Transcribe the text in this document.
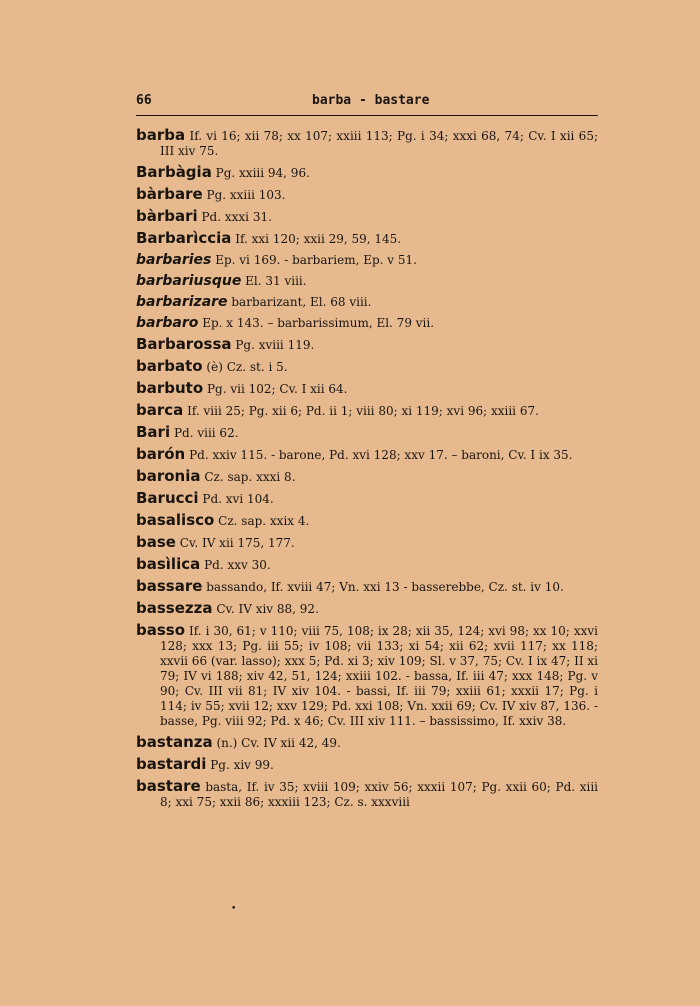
66	barba - bastare
barba If. vi 16; xii 78; xx 107; xxiii 113; Pg. i 34; xxxi 68, 74; Cv. I xii 65; III xiv 75.
Barbàgia Pg. xxiii 94, 96.
bàrbare Pg. xxiii 103.
bàrbari Pd. xxxi 31.
Barbarìccia If. xxi 120; xxii 29, 59, 145.
barbaries Ep. vi 169. - barbariem, Ep. v 51.
barbariusque El. 31 viii.
barbarizare barbarizant, El. 68 viii.
barbaro Ep. x 143. – barbarissimum, El. 79 vii.
Barbarossa Pg. xviii 119.
barbato (è) Cz. st. i 5.
barbuto Pg. vii 102; Cv. I xii 64.
barca If. viii 25; Pg. xii 6; Pd. ii 1; viii 80; xi 119; xvi 96; xxiii 67.
Bari Pd. viii 62.
barón Pd. xxiv 115. - barone, Pd. xvi 128; xxv 17. – baroni, Cv. I ix 35.
baronia Cz. sap. xxxi 8.
Barucci Pd. xvi 104.
basalisco Cz. sap. xxix 4.
base Cv. IV xii 175, 177.
basìlica Pd. xxv 30.
bassare bassando, If. xviii 47; Vn. xxi 13 - basserebbe, Cz. st. iv 10.
bassezza Cv. IV xiv 88, 92.
basso If. i 30, 61; v 110; viii 75, 108; ix 28; xii 35, 124; xvi 98; xx 10; xxvi 128; xxx 13; Pg. iii 55; iv 108; vii 133; xi 54; xii 62; xvii 117; xx 118; xxvii 66 (var. lasso); xxx 5; Pd. xi 3; xiv 109; Sl. v 37, 75; Cv. I ix 47; II xi 79; IV vi 188; xiv 42, 51, 124; xxiii 102. - bassa, If. iii 47; xxx 148; Pg. v 90; Cv. III vii 81; IV xiv 104. - bassi, If. iii 79; xxiii 61; xxxii 17; Pg. i 114; iv 55; xvii 12; xxv 129; Pd. xxi 108; Vn. xxii 69; Cv. IV xiv 87, 136. - basse, Pg. viii 92; Pd. x 46; Cv. III xiv 111. – bassissimo, If. xxiv 38.
bastanza (n.) Cv. IV xii 42, 49.
bastardi Pg. xiv 99.
bastare basta, If. iv 35; xviii 109; xxiv 56; xxxii 107; Pg. xxii 60; Pd. xiii 8; xxi 75; xxii 86; xxxiii 123; Cz. s. xxxviii
•
